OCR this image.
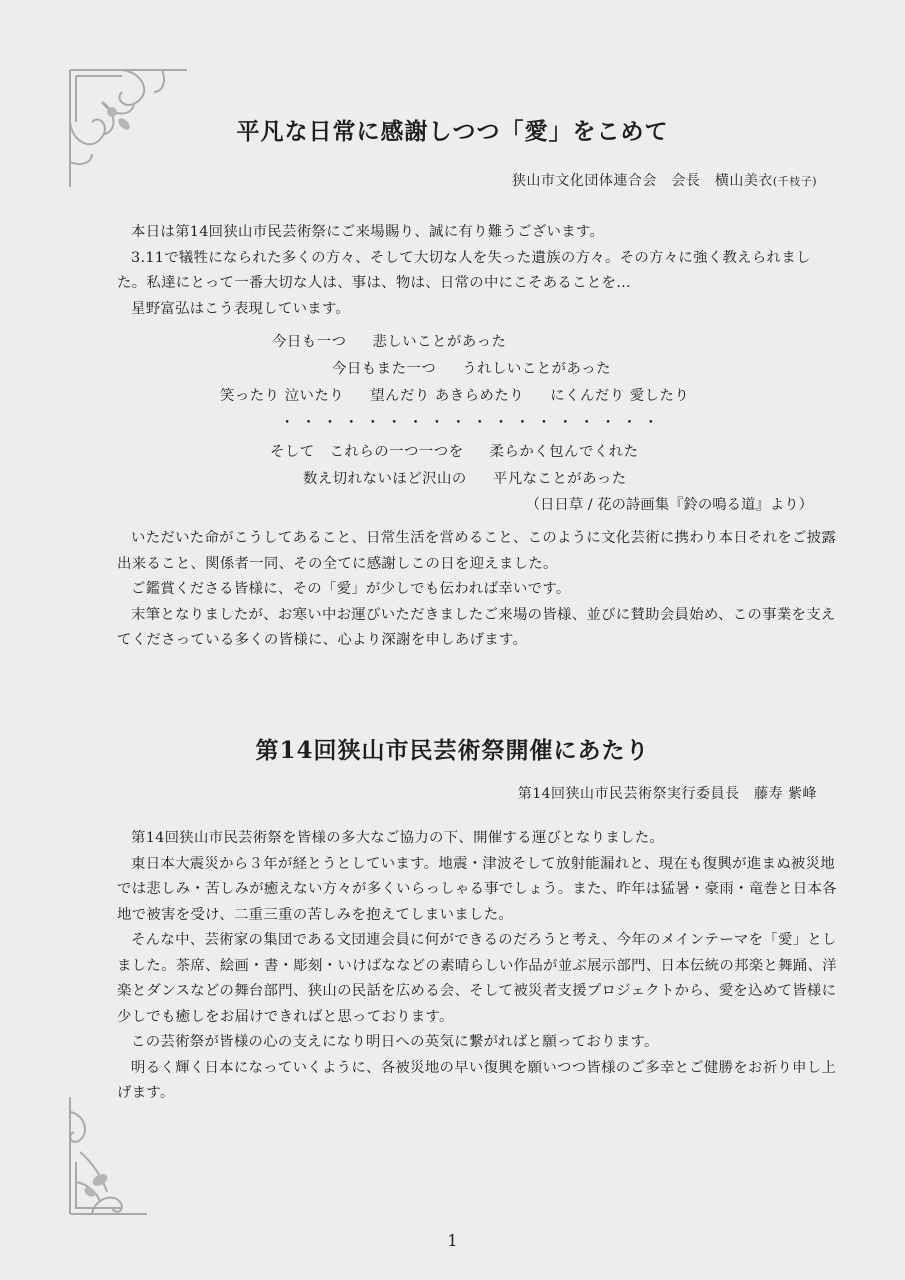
平凡な日常に感謝しつつ「愛」をこめて
狭山市文化団体連合会　会長　横山美衣(千枝子)
本日は第14回狭山市民芸術祭にご来場賜り、誠に有り難うございます。
3.11で犠牲になられた多くの方々、そして大切な人を失った遺族の方々。その方々に強く教えられました。私達にとって一番大切な人は、事は、物は、日常の中にこそあることを…
星野富弘はこう表現しています。
今日も一つ 悲しいことがあった
今日もまた一つ うれしいことがあった
笑ったり 泣いたり 望んだり あきらめたり にくんだり 愛したり
・・・・・・・・・・・・・・・・・・
そして　これらの一つ一つを 柔らかく包んでくれた
数え切れないほど沢山の 平凡なことがあった
（日日草 / 花の詩画集『鈴の鳴る道』より）
いただいた命がこうしてあること、日常生活を営めること、このように文化芸術に携わり本日それをご披露出来ること、関係者一同、その全てに感謝しこの日を迎えました。
ご鑑賞くださる皆様に、その「愛」が少しでも伝われば幸いです。
末筆となりましたが、お寒い中お運びいただきましたご来場の皆様、並びに賛助会員始め、この事業を支えてくださっている多くの皆様に、心より深謝を申しあげます。
第14回狭山市民芸術祭開催にあたり
第14回狭山市民芸術祭実行委員長　藤寿 紫峰
第14回狭山市民芸術祭を皆様の多大なご協力の下、開催する運びとなりました。
東日本大震災から３年が経とうとしています。地震・津波そして放射能漏れと、現在も復興が進まぬ被災地では悲しみ・苦しみが癒えない方々が多くいらっしゃる事でしょう。また、昨年は猛暑・豪雨・竜巻と日本各地で被害を受け、二重三重の苦しみを抱えてしまいました。
そんな中、芸術家の集団である文団連会員に何ができるのだろうと考え、今年のメインテーマを「愛」としました。茶席、絵画・書・彫刻・いけばななどの素晴らしい作品が並ぶ展示部門、日本伝統の邦楽と舞踊、洋楽とダンスなどの舞台部門、狭山の民話を広める会、そして被災者支援プロジェクトから、愛を込めて皆様に少しでも癒しをお届けできればと思っております。
この芸術祭が皆様の心の支えになり明日への英気に繋がればと願っております。
明るく輝く日本になっていくように、各被災地の早い復興を願いつつ皆様のご多幸とご健勝をお祈り申し上げます。
1
